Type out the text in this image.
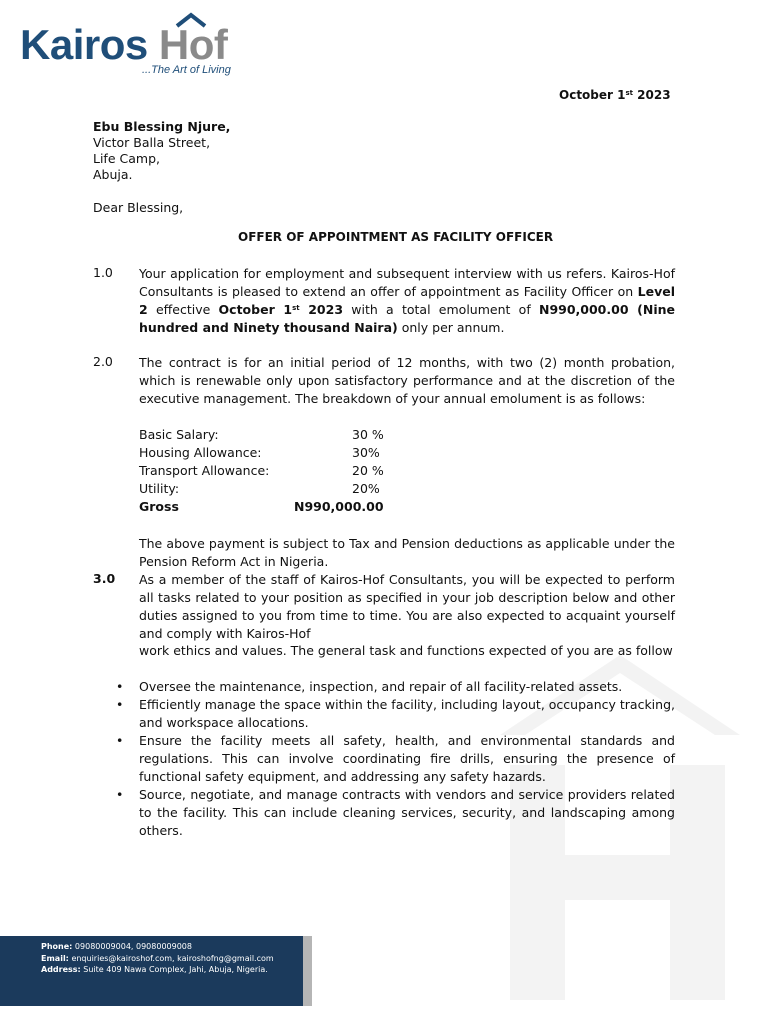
Kairos Hof
...The Art of Living
October 1st 2023
Ebu Blessing Njure,
Victor Balla Street,
Life Camp,
Abuja.
Dear Blessing,
OFFER OF APPOINTMENT AS FACILITY OFFICER
1.0 Your application for employment and subsequent interview with us refers. Kairos-Hof Consultants is pleased to extend an offer of appointment as Facility Officer on Level 2 effective October 1st 2023 with a total emolument of N990,000.00 (Nine hundred and Ninety thousand Naira) only per annum.
2.0 The contract is for an initial period of 12 months, with two (2) month probation, which is renewable only upon satisfactory performance and at the discretion of the executive management. The breakdown of your annual emolument is as follows:
Basic Salary:	30 %
Housing Allowance:	30%
Transport Allowance:	20 %
Utility:	20%
Gross	N990,000.00
The above payment is subject to Tax and Pension deductions as applicable under the Pension Reform Act in Nigeria.
3.0 As a member of the staff of Kairos-Hof Consultants, you will be expected to perform all tasks related to your position as specified in your job description below and other duties assigned to you from time to time. You are also expected to acquaint yourself and comply with Kairos-Hof
work ethics and values. The general task and functions expected of you are as follow
• Oversee the maintenance, inspection, and repair of all facility-related assets.
• Efficiently manage the space within the facility, including layout, occupancy tracking, and workspace allocations.
• Ensure the facility meets all safety, health, and environmental standards and regulations. This can involve coordinating fire drills, ensuring the presence of functional safety equipment, and addressing any safety hazards.
• Source, negotiate, and manage contracts with vendors and service providers related to the facility. This can include cleaning services, security, and landscaping among others.
Phone: 09080009004, 09080009008
Email: enquiries@kairoshof.com, kairoshofng@gmail.com
Address: Suite 409 Nawa Complex, Jahi, Abuja, Nigeria.
